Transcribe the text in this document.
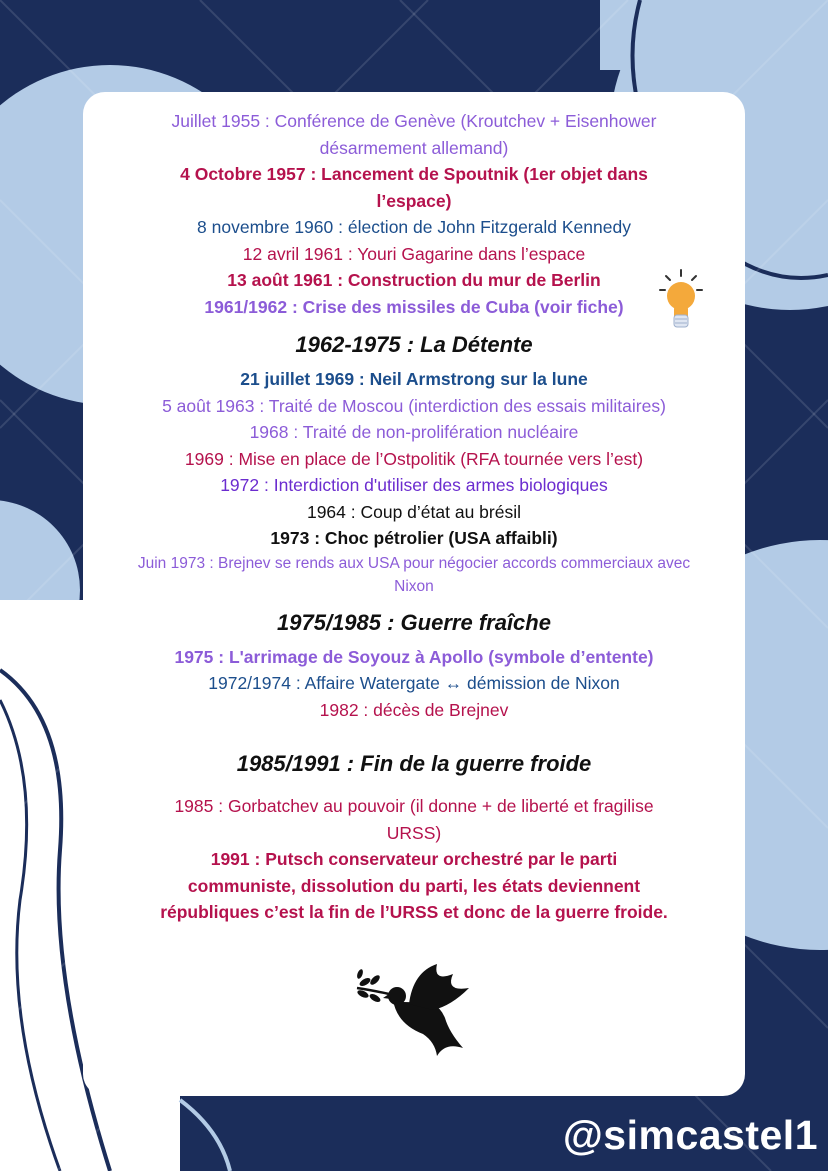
Juillet 1955 : Conférence de Genève (Kroutchev + Eisenhower

désarmement allemand)

4 Octobre 1957 : Lancement de Spoutnik (1er objet dans

l’espace)

8 novembre 1960 : élection de John Fitzgerald Kennedy

12 avril 1961 : Youri Gagarine dans l’espace

13 août 1961 : Construction du mur de Berlin

1961/1962 : Crise des missiles de Cuba (voir fiche)

1962-1975 : La Détente

21 juillet 1969 : Neil Armstrong sur la lune

5 août 1963 : Traité de Moscou (interdiction des essais militaires)

1968 : Traité de non-prolifération nucléaire

1969 : Mise en place de l’Ostpolitik (RFA tournée vers l’est)

1972 : Interdiction d'utiliser des armes biologiques

1964 : Coup d’état au brésil

1973 : Choc pétrolier (USA affaibli)

Juin 1973 : Brejnev se rends aux USA pour négocier accords commerciaux avec

Nixon

1975/1985 : Guerre fraîche

1975 : L'arrimage de Soyouz à Apollo (symbole d’entente)

1972/1974 : Affaire Watergate ↔ démission de Nixon

1982 : décès de Brejnev

1985/1991 : Fin de la guerre froide

1985 : Gorbatchev au pouvoir (il donne + de liberté et fragilise

URSS)

1991 : Putsch conservateur orchestré par le parti

communiste, dissolution du parti, les états deviennent

républiques c’est la fin de l’URSS et donc de la guerre froide.

@simcastel1
